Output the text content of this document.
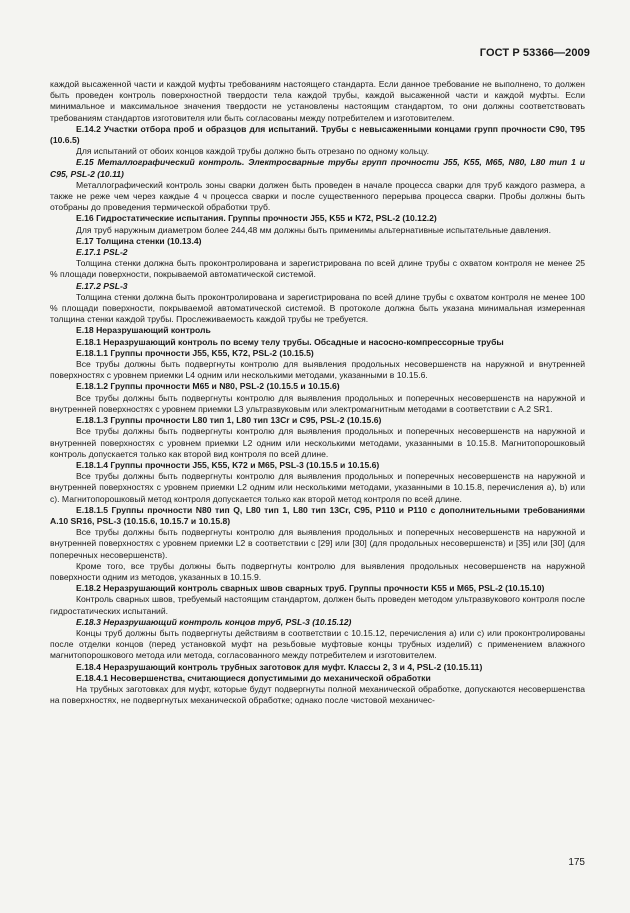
ГОСТ Р 53366—2009

каждой высаженной части и каждой муфты требованиям настоящего стандарта. Если данное требование не выполнено, то должен быть проведен контроль поверхностной твердости тела каждой трубы, каждой высаженной части и каждой муфты. Если минимальное и максимальное значения твердости не установлены настоящим стандартом, то они должны соответствовать требованиям стандартов изготовителя или быть согласованы между потребителем и изготовителем.

Е.14.2 Участки отбора проб и образцов для испытаний. Трубы с невысаженными концами групп прочности С90, Т95 (10.6.5)

Для испытаний от обоих концов каждой трубы должно быть отрезано по одному кольцу.

Е.15 Металлографический контроль. Электросварные трубы групп прочности J55, K55, M65, N80, L80 тип 1 и С95, PSL-2 (10.11)

Металлографический контроль зоны сварки должен быть проведен в начале процесса сварки для труб каждого размера, а также не реже чем через каждые 4 ч процесса сварки и после существенного перерыва процесса сварки. Пробы должны быть отобраны до проведения термической обработки труб.

Е.16 Гидростатические испытания. Группы прочности J55, K55 и K72, PSL-2 (10.12.2)

Для труб наружным диаметром более 244,48 мм должны быть применимы альтернативные испытательные давления.

Е.17 Толщина стенки (10.13.4)

Е.17.1 PSL-2

Толщина стенки должна быть проконтролирована и зарегистрирована по всей длине трубы с охватом контроля не менее 25 % площади поверхности, покрываемой автоматической системой.

Е.17.2 PSL-3

Толщина стенки должна быть проконтролирована и зарегистрирована по всей длине трубы с охватом контроля не менее 100 % площади поверхности, покрываемой автоматической системой. В протоколе должна быть указана минимальная измеренная толщина стенки каждой трубы. Прослеживаемость каждой трубы не требуется.

Е.18 Неразрушающий контроль

Е.18.1 Неразрушающий контроль по всему телу трубы. Обсадные и насосно-компрессорные трубы

Е.18.1.1 Группы прочности J55, K55, K72, PSL-2 (10.15.5)

Все трубы должны быть подвергнуты контролю для выявления продольных несовершенств на наружной и внутренней поверхностях с уровнем приемки L4 одним или несколькими методами, указанными в 10.15.6.

Е.18.1.2 Группы прочности M65 и N80, PSL-2 (10.15.5 и 10.15.6)

Все трубы должны быть подвергнуты контролю для выявления продольных и поперечных несовершенств на наружной и внутренней поверхностях с уровнем приемки L3 ультразвуковым или электромагнитным методами в соответствии с А.2 SR1.

Е.18.1.3 Группы прочности L80 тип 1, L80 тип 13Cr и С95, PSL-2 (10.15.6)

Все трубы должны быть подвергнуты контролю для выявления продольных и поперечных несовершенств на наружной и внутренней поверхностях с уровнем приемки L2 одним или несколькими методами, указанными в 10.15.8. Магнитопорошковый контроль допускается только как второй вид контроля по всей длине.

Е.18.1.4 Группы прочности J55, K55, K72 и M65, PSL-3 (10.15.5 и 10.15.6)

Все трубы должны быть подвергнуты контролю для выявления продольных и поперечных несовершенств на наружной и внутренней поверхностях с уровнем приемки L2 одним или несколькими методами, указанными в 10.15.8, перечисления а), b) или с). Магнитопорошковый метод контроля допускается только как второй метод контроля по всей длине.

Е.18.1.5 Группы прочности N80 тип Q, L80 тип 1, L80 тип 13Cr, С95, P110 и P110 с дополнительными требованиями А.10 SR16, PSL-3 (10.15.6, 10.15.7 и 10.15.8)

Все трубы должны быть подвергнуты контролю для выявления продольных и поперечных несовершенств на наружной и внутренней поверхностях с уровнем приемки L2 в соответствии с [29] или [30] (для продольных несовершенств) и [35] или [30] (для поперечных несовершенств).

Кроме того, все трубы должны быть подвергнуты контролю для выявления продольных несовершенств на наружной поверхности одним из методов, указанных в 10.15.9.

Е.18.2 Неразрушающий контроль сварных швов сварных труб. Группы прочности K55 и M65, PSL-2 (10.15.10)

Контроль сварных швов, требуемый настоящим стандартом, должен быть проведен методом ультразвукового контроля после гидростатических испытаний.

Е.18.3 Неразрушающий контроль концов труб, PSL-3 (10.15.12)

Концы труб должны быть подвергнуты действиям в соответствии с 10.15.12, перечисления а) или с) или проконтролированы после отделки концов (перед установкой муфт на резьбовые муфтовые концы трубных изделий) с применением влажного магнитопорошкового метода или метода, согласованного между потребителем и изготовителем.

Е.18.4 Неразрушающий контроль трубных заготовок для муфт. Классы 2, 3 и 4, PSL-2 (10.15.11)

Е.18.4.1 Несовершенства, считающиеся допустимыми до механической обработки

На трубных заготовках для муфт, которые будут подвергнуты полной механической обработке, допускаются несовершенства на поверхностях, не подвергнутых механической обработке; однако после чистовой механичес-

175
